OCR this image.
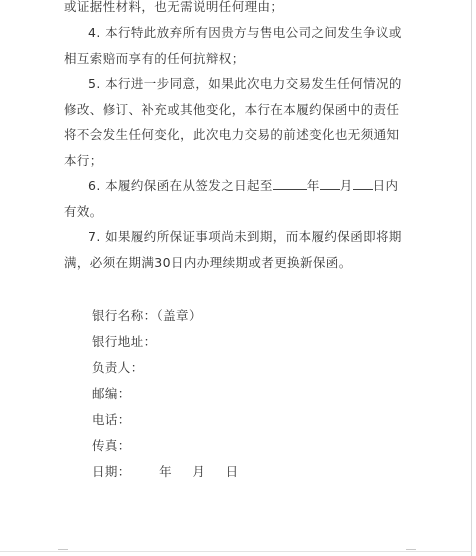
或证据性材料，也无需说明任何理由；

4. 本行特此放弃所有因贵方与售电公司之间发生争议或相互索赔而享有的任何抗辩权；

5. 本行进一步同意，如果此次电力交易发生任何情况的修改、修订、补充或其他变化，本行在本履约保函中的责任将不会发生任何变化，此次电力交易的前述变化也无须通知本行；

6. 本履约保函在从签发之日起至	年 月 日内有效。

7. 如果履约所保证事项尚未到期，而本履约保函即将期满，必须在期满30日内办理续期或者更换新保函。

银行名称：（盖章）
银行地址：
负责人：
邮编：
电话：
传真：
日期： 年 月 日
